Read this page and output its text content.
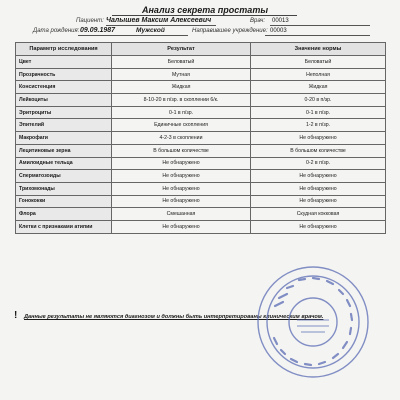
Анализ секрета простаты
Пациент: Чалышев Максим Алексеевич	Врач: 00013
Дата рождения: 09.09.1987	Мужской	Направившее учреждение: 00003
Параметр исследования	Результат	Значение нормы
Цвет	Беловатый	Беловатый
Прозрачность	Мутная	Неполная
Консистенция	Жидкая	Жидкая
Лейкоциты	8-10-20 в п/зр. в скоплении 6/к.	0-20 в п/зр.
Эритроциты	0-1 в п/зр.	0-1 в п/зр.
Эпителий	Единичные скопления	1-2 в п/зр.
Макрофаги	4-2-3 в скоплении	Не обнаружено
Лецитиновые зерна	В большом количестве	В большом количестве
Амилоидные тельца	Не обнаружено	0-2 в п/зр.
Сперматозоиды	Не обнаружено	Не обнаружено
Трихомонады	Не обнаружено	Не обнаружено
Гонококки	Не обнаружено	Не обнаружено
Флора	Смешанная	Скудная кокковая
Клетки с признаками атипии	Не обнаружено	Не обнаружено
! Данные результаты не являются диагнозом и должны быть интерпретированы клиническим врачом.
